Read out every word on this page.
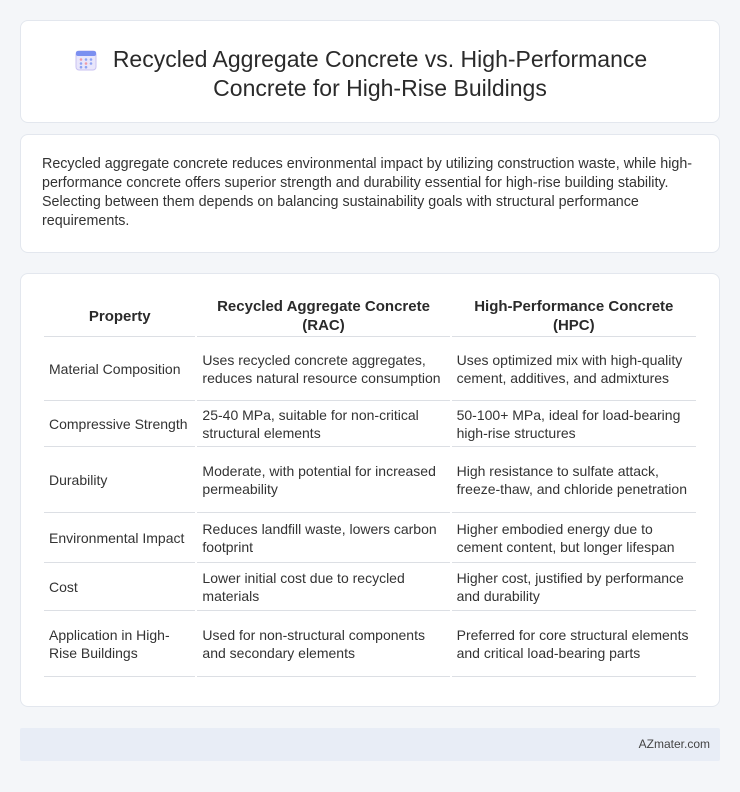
Recycled Aggregate Concrete vs. High-Performance Concrete for High-Rise Buildings

Recycled aggregate concrete reduces environmental impact by utilizing construction waste, while high-performance concrete offers superior strength and durability essential for high-rise building stability. Selecting between them depends on balancing sustainability goals with structural performance requirements.

Property	Recycled Aggregate Concrete (RAC)	High-Performance Concrete (HPC)
Material Composition	Uses recycled concrete aggregates, reduces natural resource consumption	Uses optimized mix with high-quality cement, additives, and admixtures
Compressive Strength	25-40 MPa, suitable for non-critical structural elements	50-100+ MPa, ideal for load-bearing high-rise structures
Durability	Moderate, with potential for increased permeability	High resistance to sulfate attack, freeze-thaw, and chloride penetration
Environmental Impact	Reduces landfill waste, lowers carbon footprint	Higher embodied energy due to cement content, but longer lifespan
Cost	Lower initial cost due to recycled materials	Higher cost, justified by performance and durability
Application in High-Rise Buildings	Used for non-structural components and secondary elements	Preferred for core structural elements and critical load-bearing parts
AZmater.com
